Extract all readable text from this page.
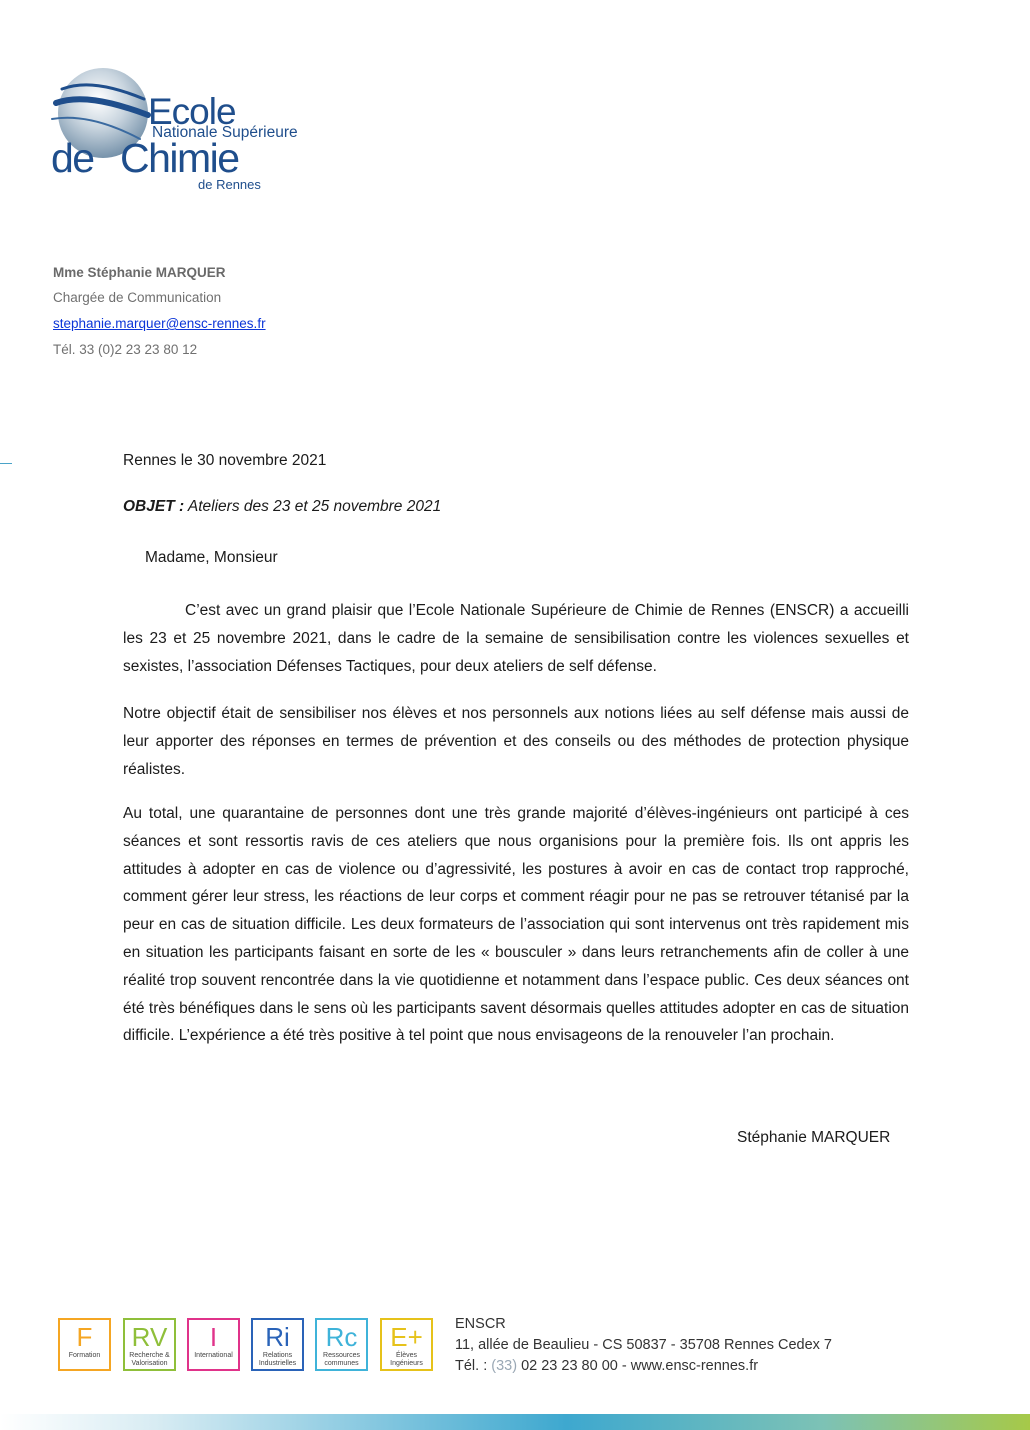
Ecole
Nationale Supérieure
de Chimie
de Rennes
Mme Stéphanie MARQUER
Chargée de Communication
stephanie.marquer@ensc-rennes.fr
Tél. 33 (0)2 23 23 80 12
Rennes le 30 novembre 2021
OBJET : Ateliers des 23 et 25 novembre 2021
Madame, Monsieur

C’est avec un grand plaisir que l’Ecole Nationale Supérieure de Chimie de Rennes (ENSCR) a accueilli les 23 et 25 novembre 2021, dans le cadre de la semaine de sensibilisation contre les violences sexuelles et sexistes, l’association Défenses Tactiques, pour deux ateliers de self défense.

Notre objectif était de sensibiliser nos élèves et nos personnels aux notions liées au self défense mais aussi de leur apporter des réponses en termes de prévention et des conseils ou des méthodes de protection physique réalistes.

Au total, une quarantaine de personnes dont une très grande majorité d’élèves-ingénieurs ont participé à ces séances et sont ressortis ravis de ces ateliers que nous organisions pour la première fois. Ils ont appris les attitudes à adopter en cas de violence ou d’agressivité, les postures à avoir en cas de contact trop rapproché, comment gérer leur stress, les réactions de leur corps et comment réagir pour ne pas se retrouver tétanisé par la peur en cas de situation difficile. Les deux formateurs de l’association qui sont intervenus ont très rapidement mis en situation les participants faisant en sorte de les « bousculer » dans leurs retranchements afin de coller à une réalité trop souvent rencontrée dans la vie quotidienne et notamment dans l’espace public. Ces deux séances ont été très bénéfiques dans le sens où les participants savent désormais quelles attitudes adopter en cas de situation difficile. L’expérience a été très positive à tel point que nous envisageons de la renouveler l’an prochain.

Stéphanie MARQUER
F
Formation
RV
Recherche & Valorisation
I
International
Ri
Relations Industrielles
Rc
Ressources communes
E+
Élèves Ingénieurs
ENSCR
11, allée de Beaulieu - CS 50837 - 35708 Rennes Cedex 7
Tél. : (33) 02 23 23 80 00 - www.ensc-rennes.fr
